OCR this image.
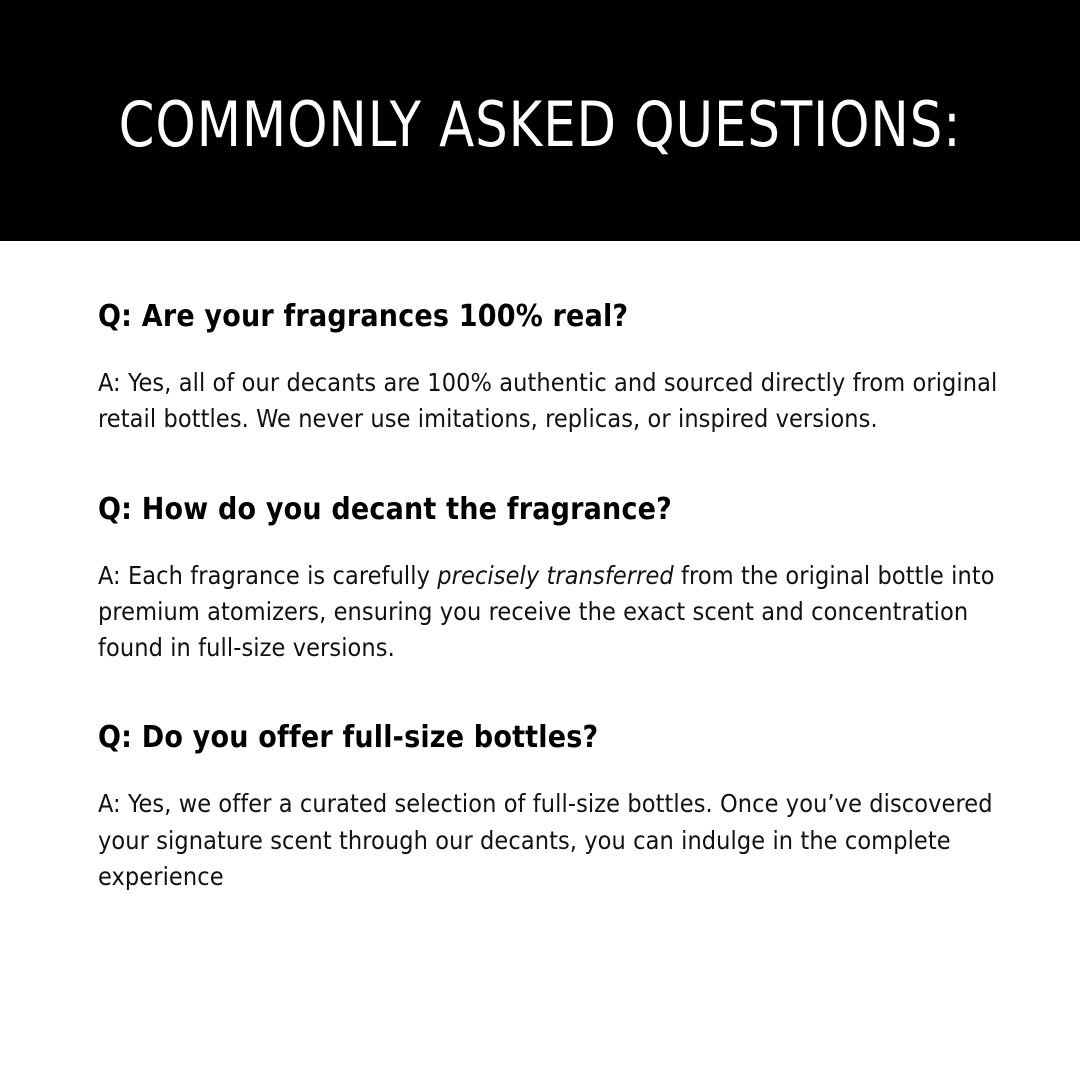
COMMONLY ASKED QUESTIONS:
Q: Are your fragrances 100% real?

A: Yes, all of our decants are 100% authentic and sourced directly from original retail bottles. We never use imitations, replicas, or inspired versions.

Q: How do you decant the fragrance?

A: Each fragrance is carefully precisely transferred from the original bottle into premium atomizers, ensuring you receive the exact scent and concentration found in full-size versions.

Q: Do you offer full-size bottles?

A: Yes, we offer a curated selection of full-size bottles. Once you’ve discovered your signature scent through our decants, you can indulge in the complete experience
